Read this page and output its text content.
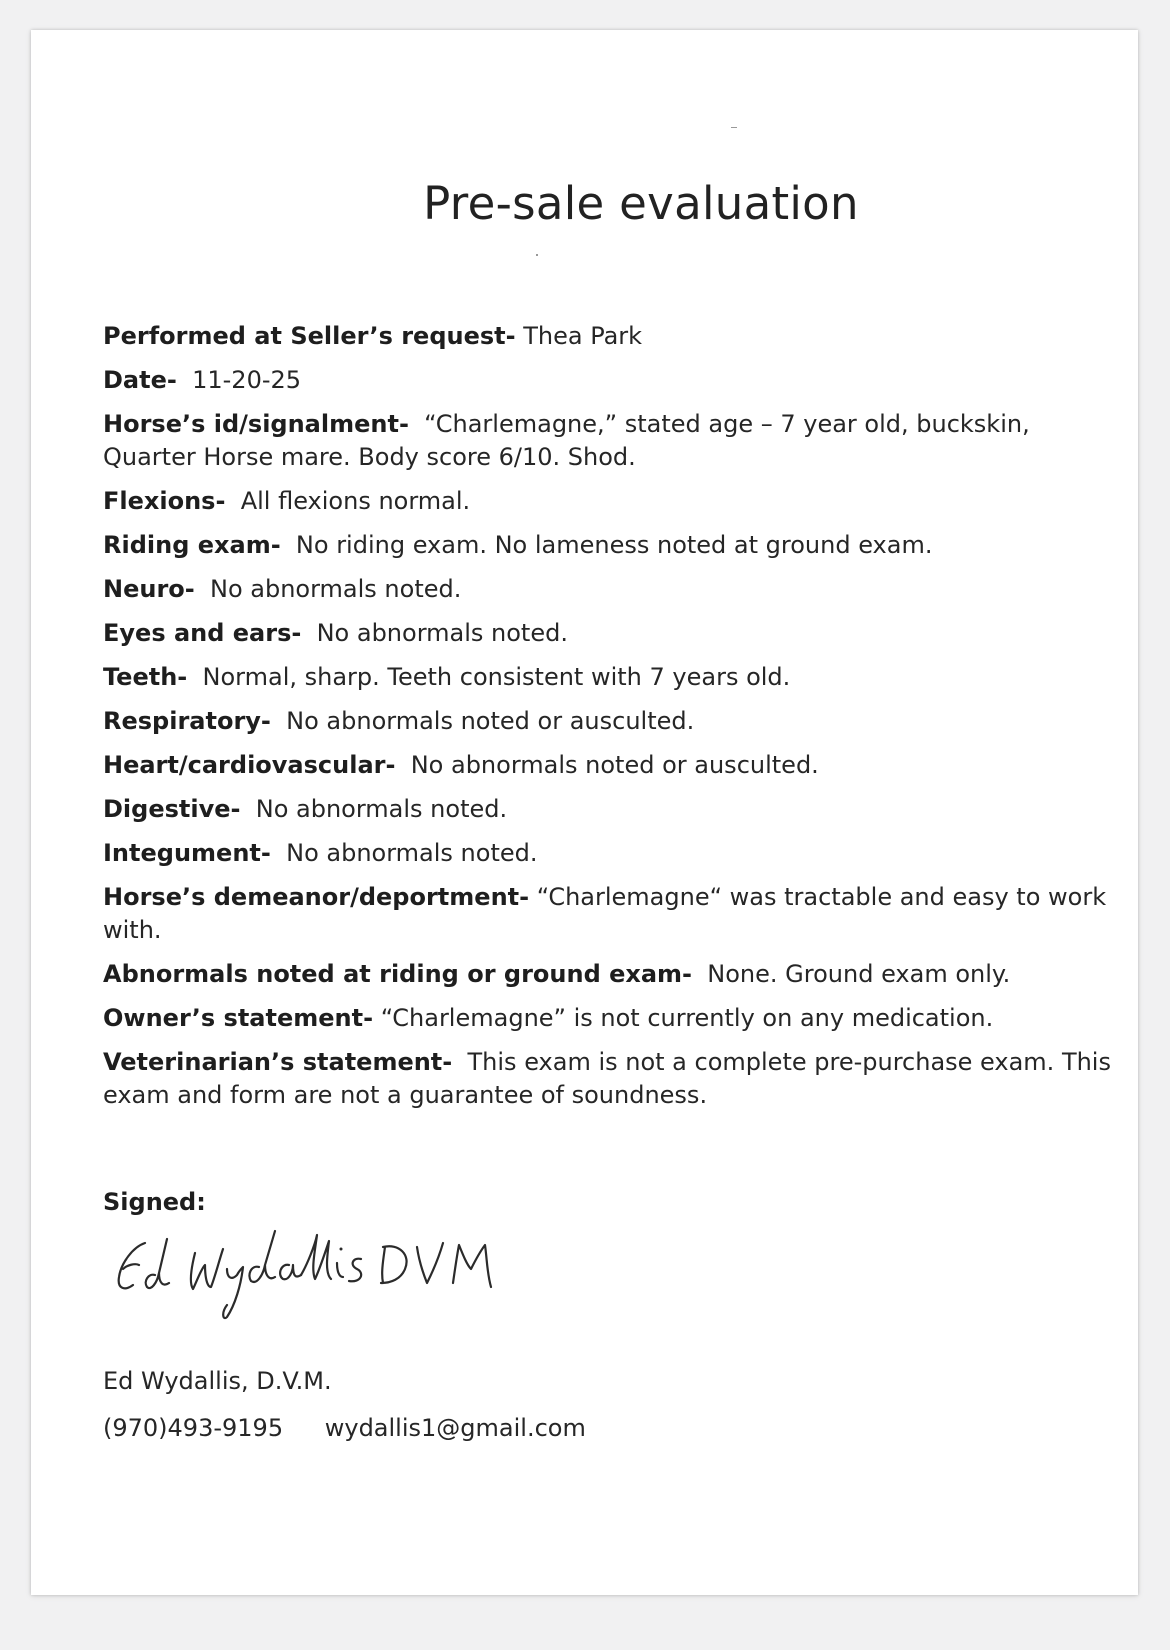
Pre-sale evaluation
Performed at Seller’s request- Thea Park
Date- 11-20-25
Horse’s id/signalment- “Charlemagne,” stated age – 7 year old, buckskin, Quarter Horse mare. Body score 6/10. Shod.
Flexions- All flexions normal.
Riding exam- No riding exam. No lameness noted at ground exam.
Neuro- No abnormals noted.
Eyes and ears- No abnormals noted.
Teeth- Normal, sharp. Teeth consistent with 7 years old.
Respiratory- No abnormals noted or ausculted.
Heart/cardiovascular- No abnormals noted or ausculted.
Digestive- No abnormals noted.
Integument- No abnormals noted.
Horse’s demeanor/deportment- “Charlemagne“ was tractable and easy to work with.
Abnormals noted at riding or ground exam- None. Ground exam only.
Owner’s statement- “Charlemagne” is not currently on any medication.
Veterinarian’s statement- This exam is not a complete pre-purchase exam. This exam and form are not a guarantee of soundness.
Signed:
Ed Wydallis, D.V.M.
(970)493-9195 wydallis1@gmail.com
